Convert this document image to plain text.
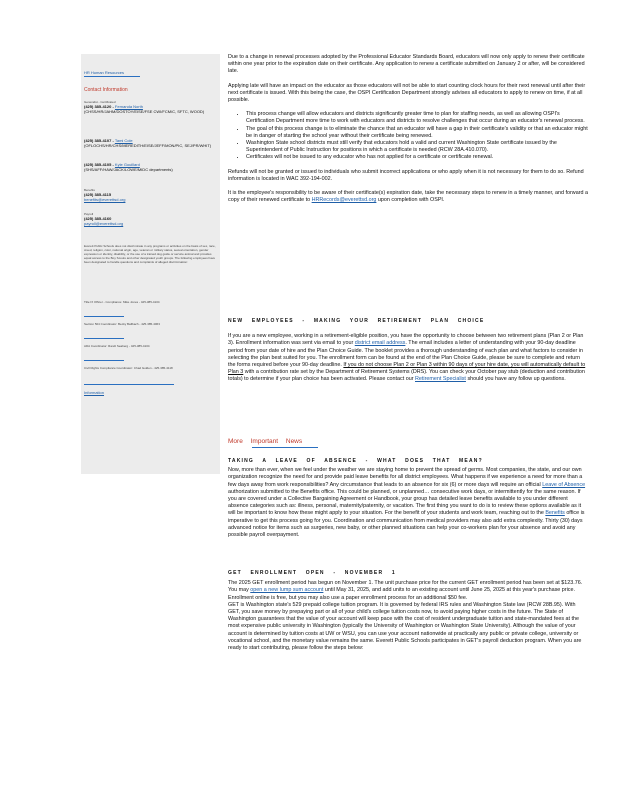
HR Human Resources
Contact Information
Generalist - Certificated
(425) 385-4120 - Fernanda North
(CHSS/HR/JAHM/DOSTOY/EISE/FSE CWI/FCM/C, SFTC, WOOD)
(425) 385-4107 - Tami Cole
(OFLOCHS/HR/CHS/MEREDITH/EISE/JEFF/MON/PIC, SEJ/PR/WHIT)
(425) 385-4105 - Kyle Gouillard
(SHS/AFF/HAW/JACK/LOWE/MIDC departments)
Benefits
(425) 385-4115
benefits@everettsd.org
Payroll
(425) 385-4160
payroll@everettsd.org
Everett Public Schools does not discriminate in any programs or activities on the basis of sex, race, creed, religion, color, national origin, age, veteran or military status, sexual orientation, gender expression or identity, disability, or the use of a trained dog guide or service animal and provides equal access to the Boy Scouts and other designated youth groups. The following employees have been designated to handle questions and complaints of alleged discrimination:
Title IX Officer - Compliance: Mike Jones - 425-385-4104
Section 504 Coordinator: Becky Ballbach - 425-385-4063
ADA Coordinator: Randi Seaberg - 425-385-4104
Civil Rights Compliance Coordinator: Chad Golden - 425-385-4118
Information

Due to a change in renewal processes adopted by the Professional Educator Standards Board, educators will now only apply to renew their certificate within one year prior to the expiration date on their certificate. Any application to renew a certificate submitted on January 2 or after, will be considered late.

Applying late will have an impact on the educator as those educators will not be able to start counting clock hours for their next renewal until after their next certificate is issued. With this being the case, the OSPI Certification Department strongly advises all educators to apply to renew on time, if at all possible.

• This process change will allow educators and districts significantly greater time to plan for staffing needs, as well as allowing OSPI's Certification Department more time to work with educators and districts to resolve challenges that occur during an educator's renewal process.
• The goal of this process change is to eliminate the chance that an educator will have a gap in their certificate's validity or that an educator might be in danger of starting the school year without their certificate being renewed.
• Washington State school districts must still verify that educators hold a valid and current Washington State certificate issued by the Superintendent of Public Instruction for positions in which a certificate is needed (RCW 28A.410.070).
• Certificates will not be issued to any educator who has not applied for a certificate or certificate renewal.

Refunds will not be granted or issued to individuals who submit incorrect applications or who apply when it is not necessary for them to do so. Refund information is located in WAC 392-194-002.

It is the employee's responsibility to be aware of their certificate(s) expiration date, take the necessary steps to renew in a timely manner, and forward a copy of their renewed certificate to HRRecords@everettsd.org upon completion with OSPI.

NEW EMPLOYEES - MAKING YOUR RETIREMENT PLAN CHOICE

If you are a new employee, working in a retirement-eligible position, you have the opportunity to choose between two retirement plans (Plan 2 or Plan 3). Enrollment information was sent via email to your district email address. The email includes a letter of understanding with your 90-day deadline period from your date of hire and the Plan Choice Guide. The booklet provides a thorough understanding of each plan and what factors to consider in selecting the plan best suited for you. The enrollment form can be found at the end of the Plan Choice Guide, please be sure to complete and return the forms required before your 90-day deadline. If you do not choose Plan 2 or Plan 3 within 90 days of your hire date, you will automatically default to Plan 3 with a contribution rate set by the Department of Retirement Systems (DRS). You can check your October pay stub (deduction and contribution totals) to determine if your plan choice has been activated. Please contact our Retirement Specialist should you have any follow up questions.

More Important News
TAKING A LEAVE OF ABSENCE - WHAT DOES THAT MEAN?

Now, more than ever, when we feel under the weather we are staying home to prevent the spread of germs. Most companies, the state, and our own organization recognize the need for and provide paid leave benefits for all district employees. What happens if we experience a need for more than a few days away from work responsibilities? Any circumstance that leads to an absence for six (6) or more days will require an official Leave of Absence authorization submitted to the Benefits office. This could be planned, or unplanned… consecutive work days, or intermittently for the same reason. If you are covered under a Collective Bargaining Agreement or Handbook, your group has detailed leave benefits available to you under different absence categories such as: illness, personal, maternity/paternity, or vacation. The first thing you want to do is to review these options available as it will be important to know how these might apply to your situation. For the benefit of your students and work team, reaching out to the Benefits office is imperative to get this process going for you. Coordination and communication from medical providers may also add extra complexity. Thirty (30) days advanced notice for items such as surgeries, new baby, or other planned situations can help your co-workers plan for your absence and avoid any possible payroll overpayment.

GET ENROLLMENT OPEN - NOVEMBER 1

The 2025 GET enrollment period has begun on November 1. The unit purchase price for the current GET enrollment period has been set at $123.76. You may open a new lump sum account until May 31, 2025, and add units to an existing account until June 25, 2025 at this year's purchase price. Enrollment online is free, but you may also use a paper enrollment process for an additional $50 fee.

GET is Washington state's 529 prepaid college tuition program. It is governed by federal IRS rules and Washington State law (RCW 28B.95). With GET, you save money by prepaying part or all of your child's college tuition costs now, to avoid paying higher costs in the future. The State of Washington guarantees that the value of your account will keep pace with the cost of resident undergraduate tuition and state-mandated fees at the most expensive public university in Washington (typically the University of Washington or Washington State University). Although the value of your account is determined by tuition costs at UW or WSU, you can use your account nationwide at practically any public or private college, university or vocational school, and the monetary value remains the same. Everett Public Schools participates in GET's payroll deduction program. When you are ready to start contributing, please follow the steps below:
